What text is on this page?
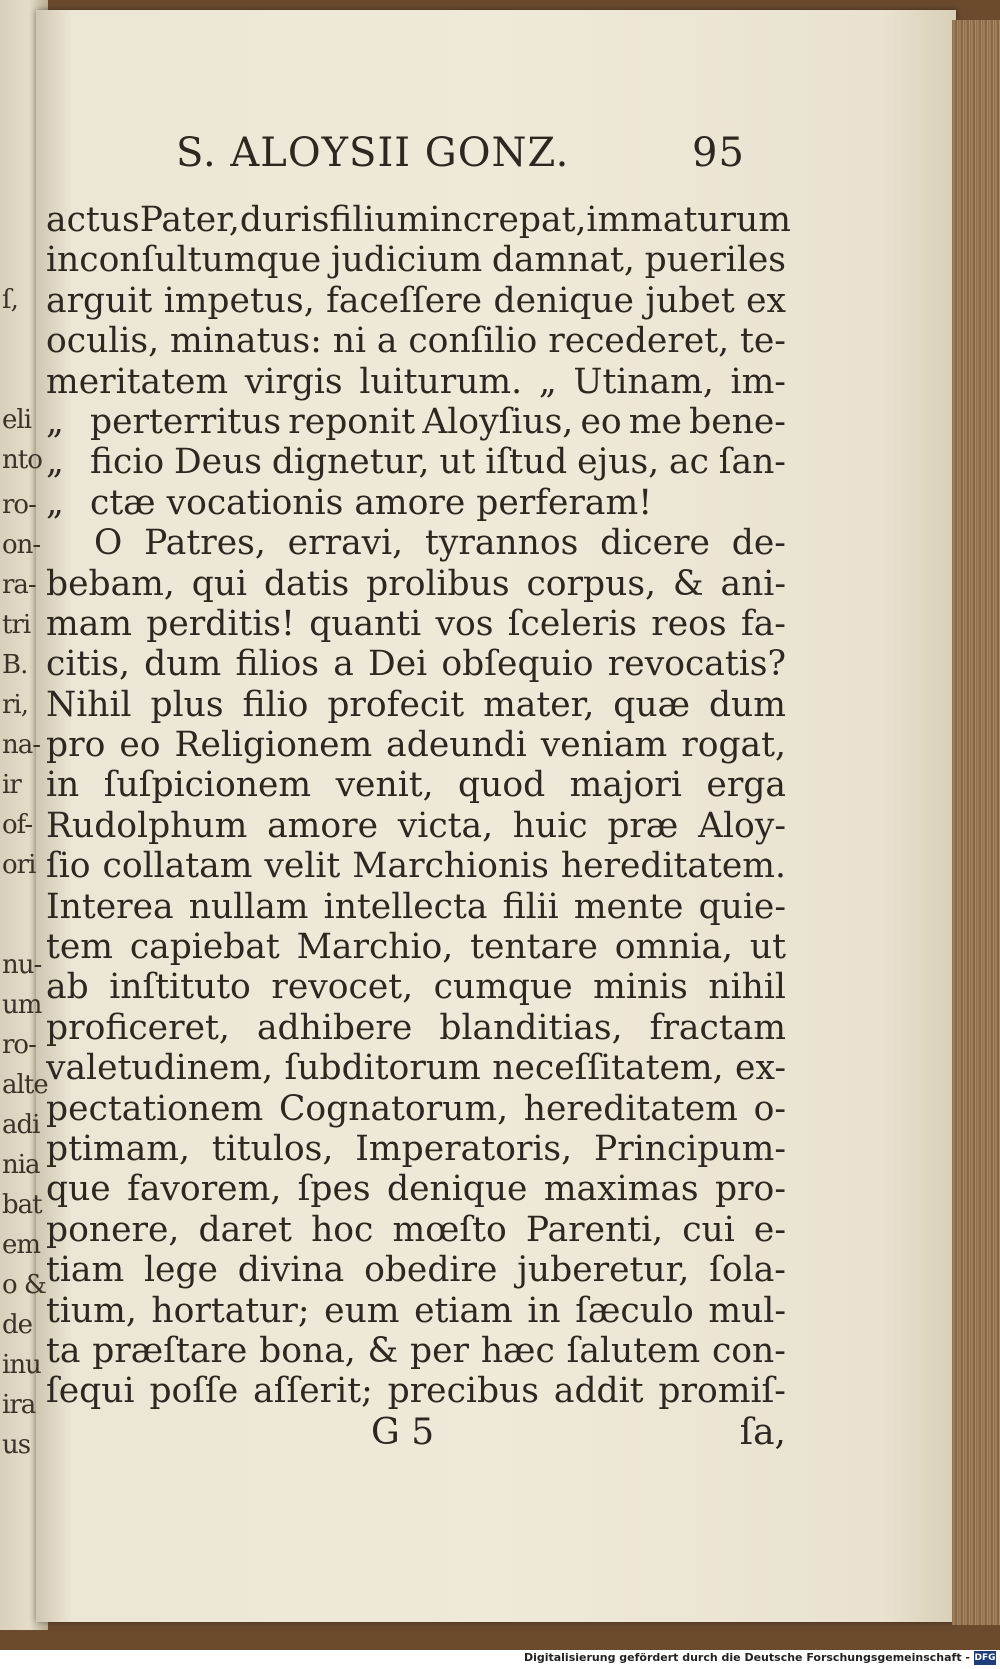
S. ALOYSII GONZ.	95
actus Pater, duris filium increpat, immaturum
inconſultumque judicium damnat, pueriles
arguit impetus, faceſſere denique jubet ex
oculis, minatus: ni a conſilio recederet, te-
meritatem virgis luiturum. „ Utinam, im-
„ perterritus reponit Aloyſius, eo me bene-
„ ficio Deus dignetur, ut iſtud ejus, ac ſan-
„ ctæ vocationis amore perferam!
O Patres, erravi, tyrannos dicere de-
bebam, qui datis prolibus corpus, & ani-
mam perditis! quanti vos ſceleris reos fa-
citis, dum filios a Dei obſequio revocatis?
Nihil plus filio profecit mater, quæ dum
pro eo Religionem adeundi veniam rogat,
in ſuſpicionem venit, quod majori erga
Rudolphum amore victa, huic præ Aloy-
ſio collatam velit Marchionis hereditatem.
Interea nullam intellecta filii mente quie-
tem capiebat Marchio, tentare omnia, ut
ab inſtituto revocet, cumque minis nihil
proficeret, adhibere blanditias, fractam
valetudinem, ſubditorum neceſſitatem, ex-
pectationem Cognatorum, hereditatem o-
ptimam, titulos, Imperatoris, Principum-
que favorem, ſpes denique maximas pro-
ponere, daret hoc mœſto Parenti, cui e-
tiam lege divina obedire juberetur, ſola-
tium, hortatur; eum etiam in ſæculo mul-
ta præſtare bona, & per hæc ſalutem con-
ſequi poſſe aſſerit; precibus addit promiſ-
G 5	ſa,
Digitalisierung gefördert durch die Deutsche Forschungsgemeinschaft - DFG
ſ,
eli
nto
ro-
on-
ra-
tri
B.
ri,
na-
ir
of-
ori
nu-
um
ro-
alte
adi
nia
bat
em
o &
de
inu
ira
us
